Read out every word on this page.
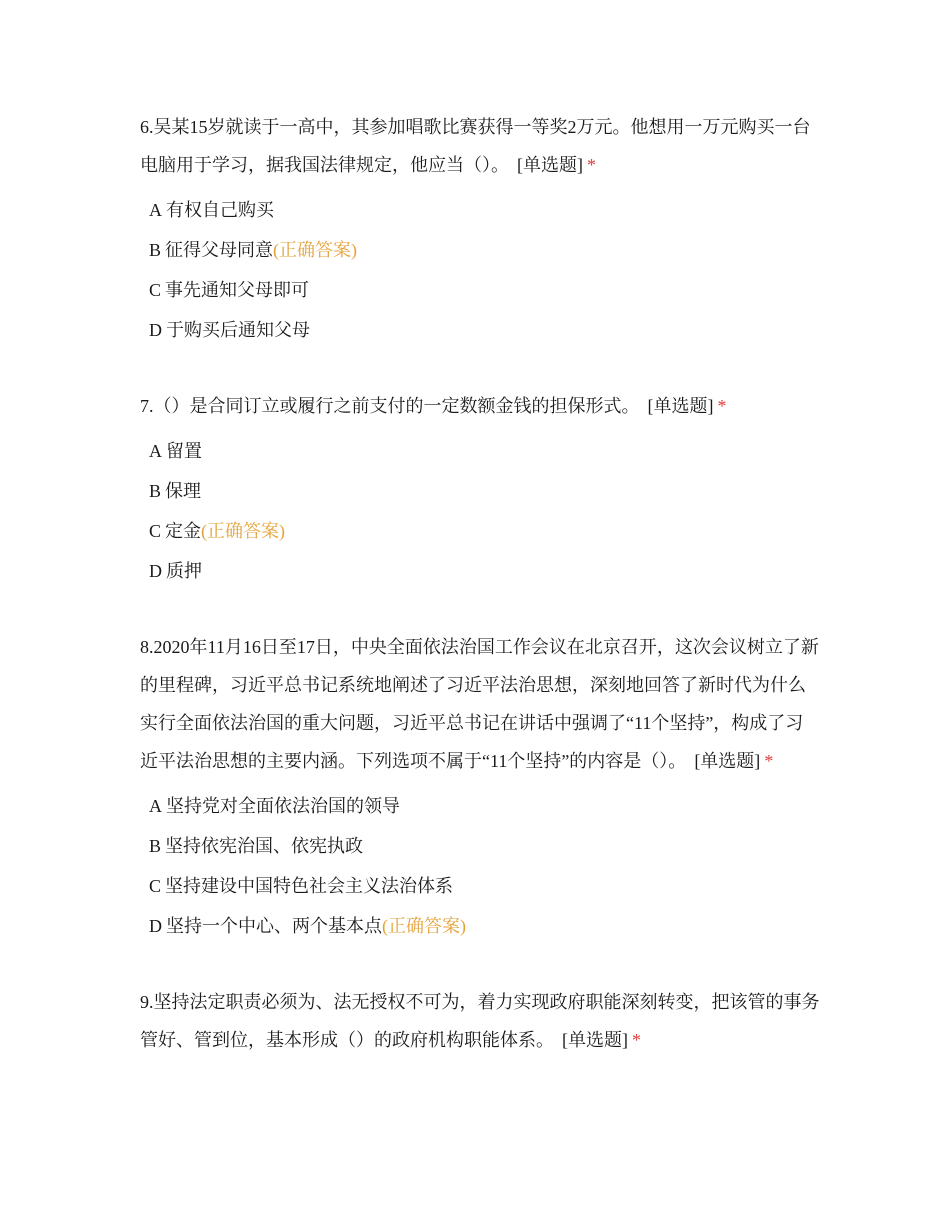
6.吴某15岁就读于一高中，其参加唱歌比赛获得一等奖2万元。他想用一万元购买一台电脑用于学习，据我国法律规定，他应当（）。 [单选题] *

A 有权自己购买
B 征得父母同意(正确答案)
C 事先通知父母即可
D 于购买后通知父母

7.（）是合同订立或履行之前支付的一定数额金钱的担保形式。 [单选题] *

A 留置
B 保理
C 定金(正确答案)
D 质押

8.2020年11月16日至17日，中央全面依法治国工作会议在北京召开，这次会议树立了新的里程碑，习近平总书记系统地阐述了习近平法治思想，深刻地回答了新时代为什么实行全面依法治国的重大问题，习近平总书记在讲话中强调了“11个坚持”，构成了习近平法治思想的主要内涵。下列选项不属于“11个坚持”的内容是（）。 [单选题] *

A 坚持党对全面依法治国的领导
B 坚持依宪治国、依宪执政
C 坚持建设中国特色社会主义法治体系
D 坚持一个中心、两个基本点(正确答案)

9.坚持法定职责必须为、法无授权不可为，着力实现政府职能深刻转变，把该管的事务管好、管到位，基本形成（）的政府机构职能体系。 [单选题] *
